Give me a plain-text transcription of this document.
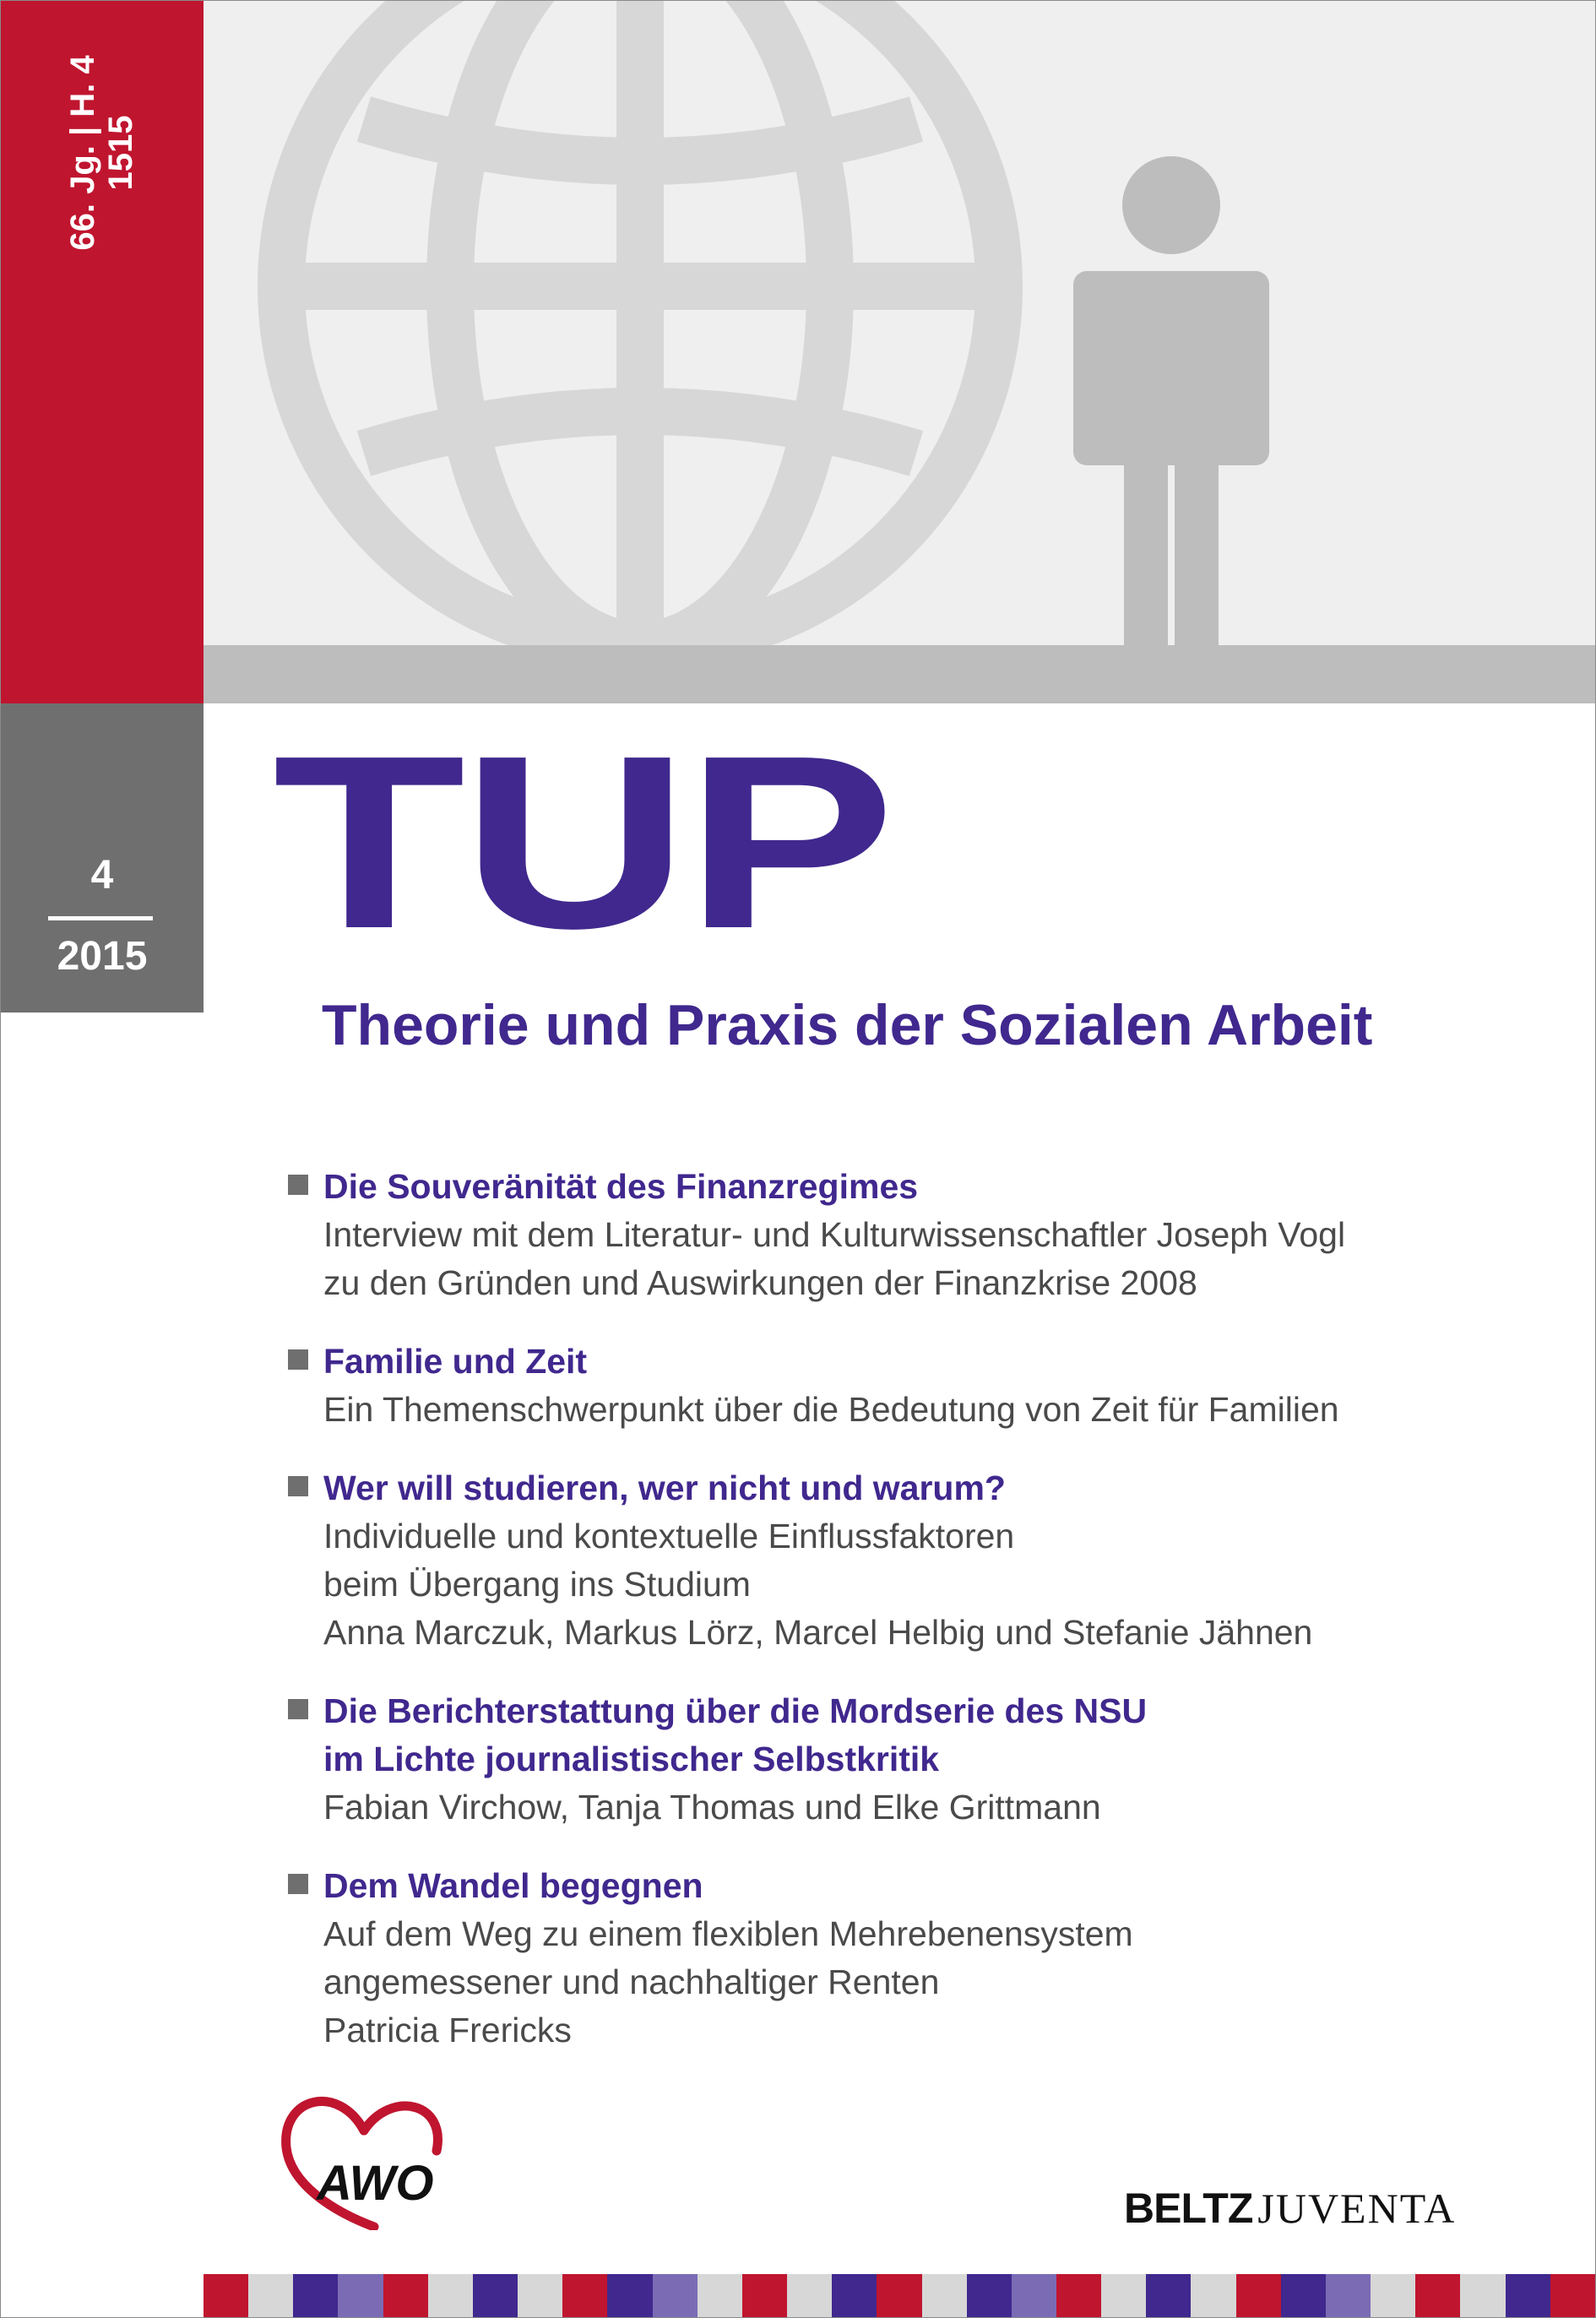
66. Jg. | H. 4 1515
4
2015 TUP
Theorie und Praxis der Sozialen Arbeit
Die Souveränität des Finanzregimes
Interview mit dem Literatur- und Kulturwissenschaftler Joseph Vogl
zu den Gründen und Auswirkungen der Finanzkrise 2008
Familie und Zeit
Ein Themenschwerpunkt über die Bedeutung von Zeit für Familien
Wer will studieren, wer nicht und warum?
Individuelle und kontextuelle Einflussfaktoren
beim Übergang ins Studium
Anna Marczuk, Markus Lörz, Marcel Helbig und Stefanie Jähnen
Die Berichterstattung über die Mordserie des NSU
im Lichte journalistischer Selbstkritik
Fabian Virchow, Tanja Thomas und Elke Grittmann
Dem Wandel begegnen
Auf dem Weg zu einem flexiblen Mehrebenensystem
angemessener und nachhaltiger Renten
Patricia Frericks
AWO	BELTZ JUVENTA
